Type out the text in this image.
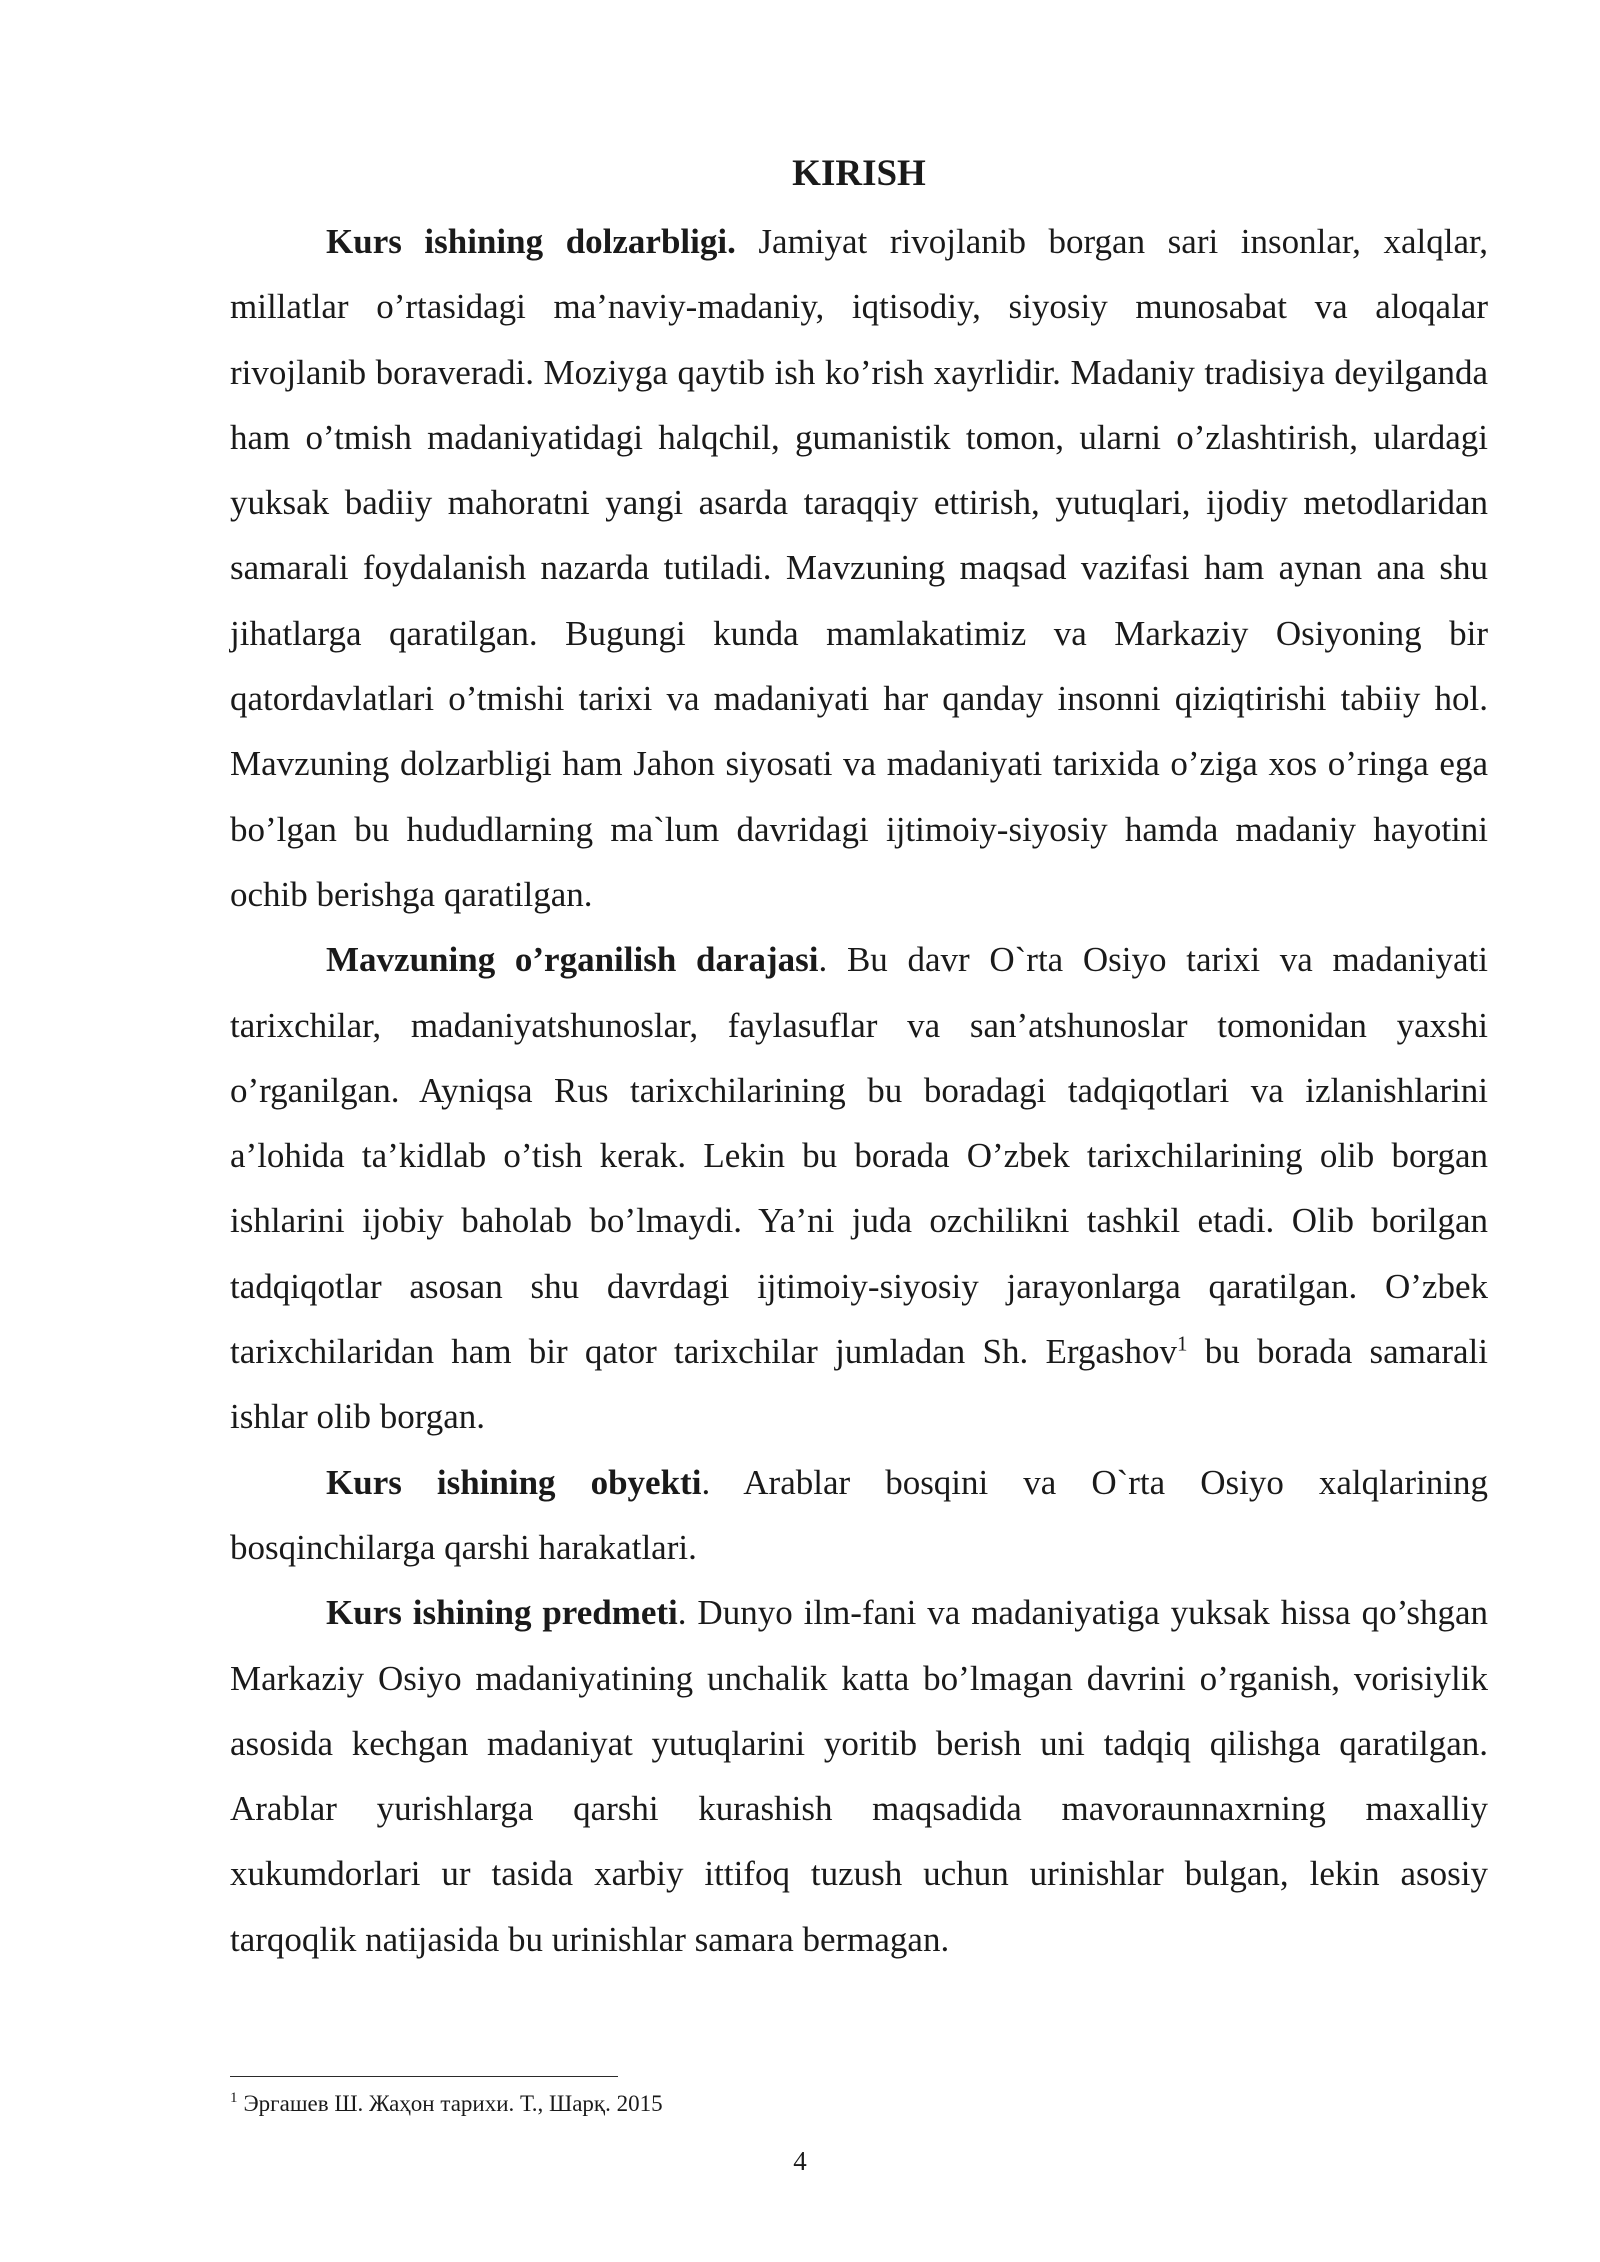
KIRISH

Kurs ishining dolzarbligi. Jamiyat rivojlanib borgan sari insonlar, xalqlar, millatlar o’rtasidagi ma’naviy-madaniy, iqtisodiy, siyosiy munosabat va aloqalar rivojlanib boraveradi. Moziyga qaytib ish ko’rish xayrlidir. Madaniy tradisiya deyilganda ham o’tmish madaniyatidagi halqchil, gumanistik tomon, ularni o’zlashtirish, ulardagi yuksak badiiy mahoratni yangi asarda taraqqiy ettirish, yutuqlari, ijodiy metodlaridan samarali foydalanish nazarda tutiladi. Mavzuning maqsad vazifasi ham aynan ana shu jihatlarga qaratilgan. Bugungi kunda mamlakatimiz va Markaziy Osiyoning bir qatordavlatlari o’tmishi tarixi va madaniyati har qanday insonni qiziqtirishi tabiiy hol. Mavzuning dolzarbligi ham Jahon siyosati va madaniyati tarixida o’ziga xos o’ringa ega bo’lgan bu hududlarning ma`lum davridagi ijtimoiy-siyosiy hamda madaniy hayotini ochib berishga qaratilgan.

Mavzuning o’rganilish darajasi. Bu davr O`rta Osiyo tarixi va madaniyati tarixchilar, madaniyatshunoslar, faylasuflar va san’atshunoslar tomonidan yaxshi o’rganilgan. Ayniqsa Rus tarixchilarining bu boradagi tadqiqotlari va izlanishlarini a’lohida ta’kidlab o’tish kerak. Lekin bu borada O’zbek tarixchilarining olib borgan ishlarini ijobiy baholab bo’lmaydi. Ya’ni juda ozchilikni tashkil etadi. Olib borilgan tadqiqotlar asosan shu davrdagi ijtimoiy-siyosiy jarayonlarga qaratilgan. O’zbek tarixchilaridan ham bir qator tarixchilar jumladan Sh. Ergashov$^1$ bu borada samarali ishlar olib borgan.

Kurs ishining obyekti. Arablar bosqini va O`rta Osiyo xalqlarining bosqinchilarga qarshi harakatlari.

Kurs ishining predmeti. Dunyo ilm-fani va madaniyatiga yuksak hissa qo’shgan Markaziy Osiyo madaniyatining unchalik katta bo’lmagan davrini o’rganish, vorisiylik asosida kechgan madaniyat yutuqlarini yoritib berish uni tadqiq qilishga qaratilgan. Arablar yurishlarga qarshi kurashish maqsadida mavoraunnaxrning maxalliy xukumdorlari ur tasida xarbiy ittifoq tuzush uchun urinishlar bulgan, lekin asosiy tarqoqlik natijasida bu urinishlar samara bermagan.

$^1$ Эргашев Ш. Жаҳон тарихи. Т., Шарқ. 2015

4
